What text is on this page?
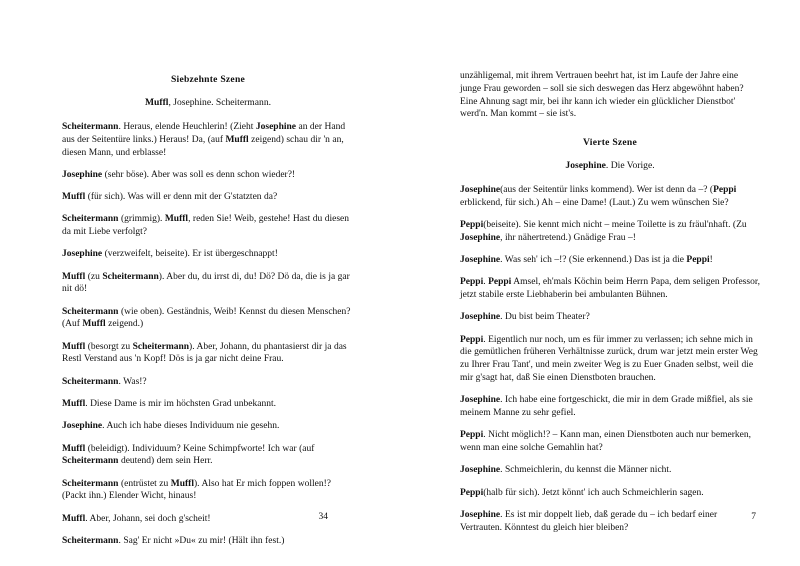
Siebzehnte Szene
Muffl, Josephine. Scheitermann.

Scheitermann. Heraus, elende Heuchlerin! (Zieht Josephine an der Hand aus der Seitentüre links.) Heraus! Da, (auf Muffl zeigend) schau dir 'n an, diesen Mann, und erblasse!

Josephine (sehr böse). Aber was soll es denn schon wieder?!

Muffl (für sich). Was will er denn mit der G'statzten da?

Scheitermann (grimmig). Muffl, reden Sie! Weib, gestehe! Hast du diesen da mit Liebe verfolgt?

Josephine (verzweifelt, beiseite). Er ist übergeschnappt!

Muffl (zu Scheitermann). Aber du, du irrst di, du! Dö? Dö da, die is ja gar nit dö!

Scheitermann (wie oben). Geständnis, Weib! Kennst du diesen Menschen? (Auf Muffl zeigend.)

Muffl (besorgt zu Scheitermann). Aber, Johann, du phantasierst dir ja das Restl Verstand aus 'n Kopf! Dös is ja gar nicht deine Frau.

Scheitermann. Was!?

Muffl. Diese Dame is mir im höchsten Grad unbekannt.

Josephine. Auch ich habe dieses Individuum nie gesehn.

Muffl (beleidigt). Individuum? Keine Schimpfworte! Ich war (auf Scheitermann deutend) dem sein Herr.

Scheitermann (entrüstet zu Muffl). Also hat Er mich foppen wollen!? (Packt ihn.) Elender Wicht, hinaus!

Muffl. Aber, Johann, sei doch g'scheit!

Scheitermann. Sag' Er nicht »Du« zu mir! (Hält ihn fest.)

34
unzähligemal, mit ihrem Vertrauen beehrt hat, ist im Laufe der Jahre eine junge Frau geworden – soll sie sich deswegen das Herz abgewöhnt haben? Eine Ahnung sagt mir, bei ihr kann ich wieder ein glücklicher Dienstbot' werd'n. Man kommt – sie ist's.
Vierte Szene
Josephine. Die Vorige.

Josephine(aus der Seitentür links kommend). Wer ist denn da –? (Peppi erblickend, für sich.) Ah – eine Dame! (Laut.) Zu wem wünschen Sie?

Peppi(beiseite). Sie kennt mich nicht – meine Toilette is zu fräul'nhaft. (Zu Josephine, ihr nähertretend.) Gnädige Frau –!

Josephine. Was seh' ich –!? (Sie erkennend.) Das ist ja die Peppi!

Peppi. Peppi Amsel, eh'mals Köchin beim Herrn Papa, dem seligen Professor, jetzt stabile erste Liebhaberin bei ambulanten Bühnen.

Josephine. Du bist beim Theater?

Peppi. Eigentlich nur noch, um es für immer zu verlassen; ich sehne mich in die gemütlichen früheren Verhältnisse zurück, drum war jetzt mein erster Weg zu Ihrer Frau Tant', und mein zweiter Weg is zu Euer Gnaden selbst, weil die mir g'sagt hat, daß Sie einen Dienstboten brauchen.

Josephine. Ich habe eine fortgeschickt, die mir in dem Grade mißfiel, als sie meinem Manne zu sehr gefiel.

Peppi. Nicht möglich!? – Kann man, einen Dienstboten auch nur bemerken, wenn man eine solche Gemahlin hat?

Josephine. Schmeichlerin, du kennst die Männer nicht.

Peppi(halb für sich). Jetzt könnt' ich auch Schmeichlerin sagen.

Josephine. Es ist mir doppelt lieb, daß gerade du – ich bedarf einer Vertrauten. Könntest du gleich hier bleiben?

7
